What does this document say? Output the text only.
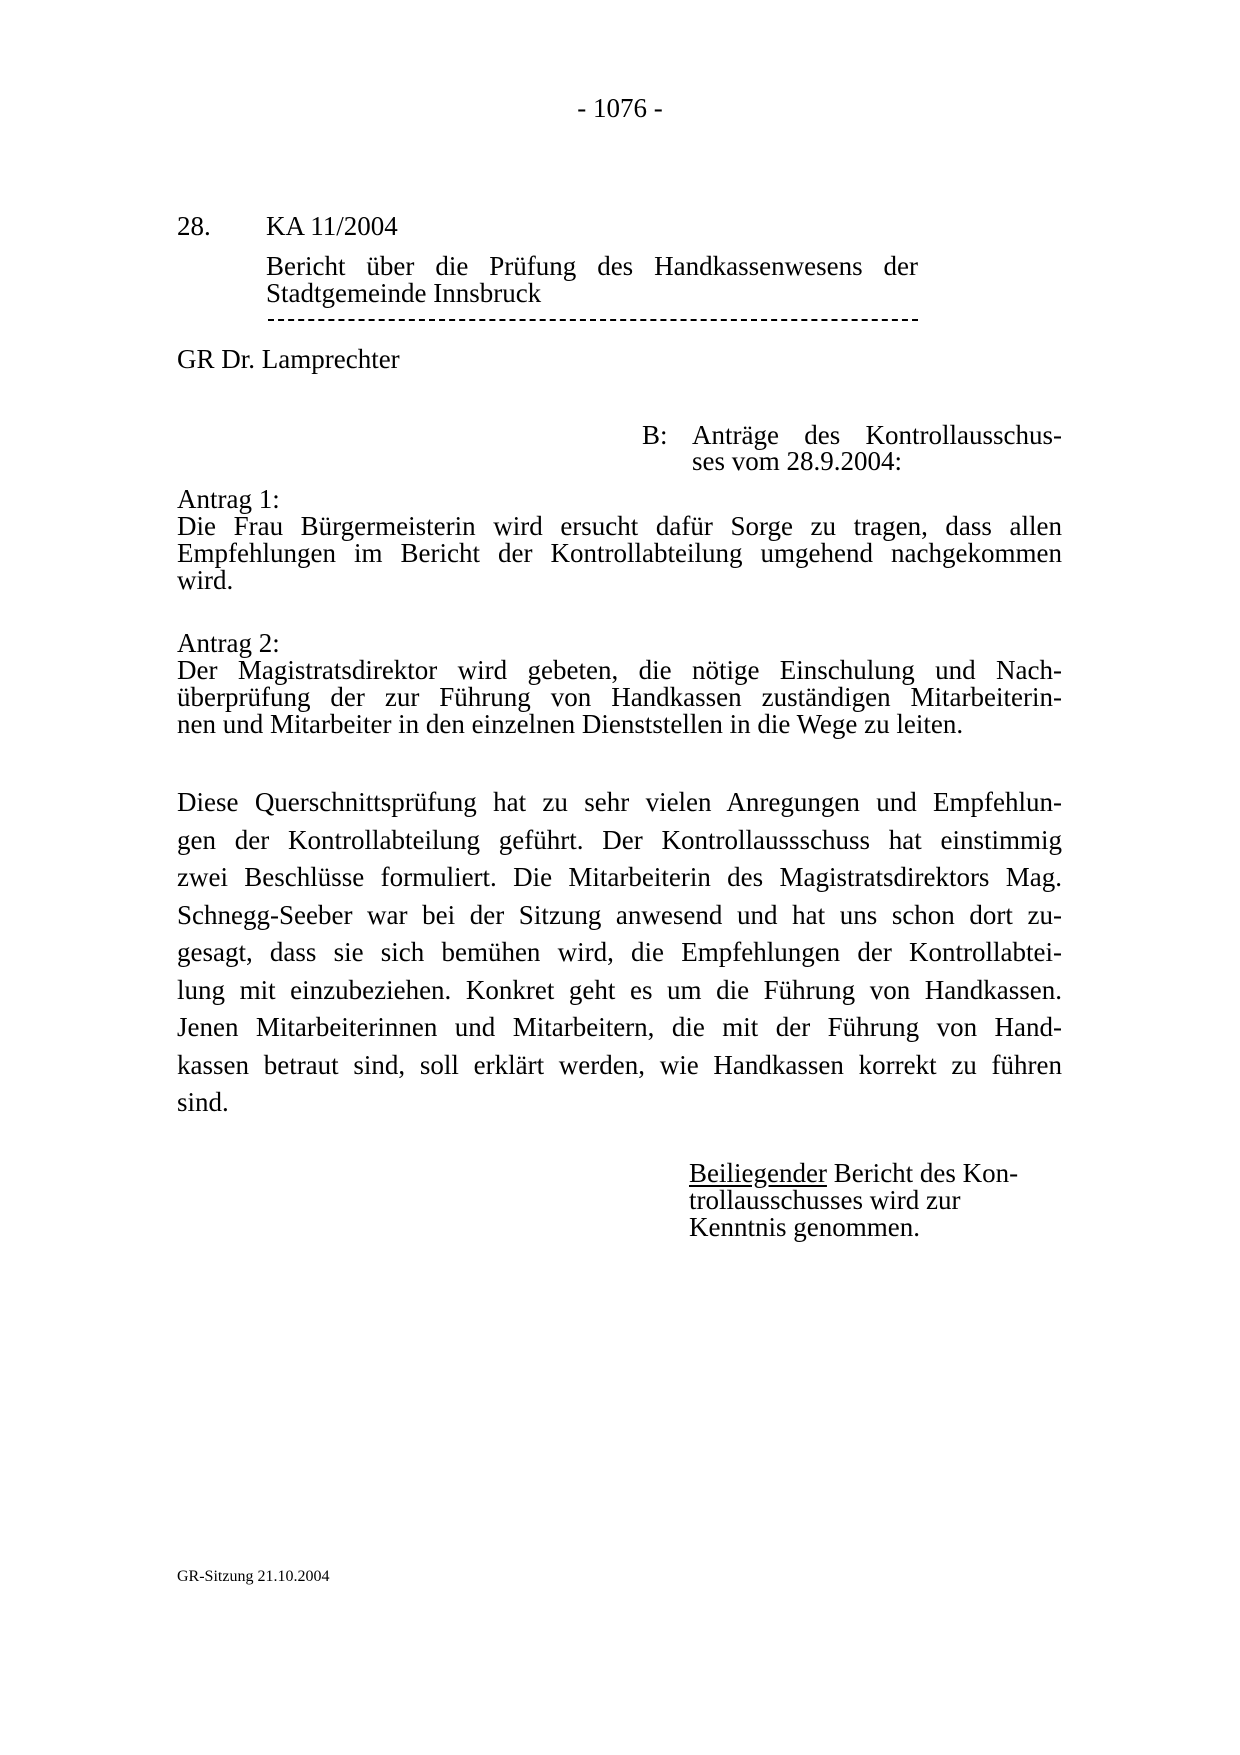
- 1076 -
28. KA 11/2004
Bericht über die Prüfung des Handkassenwesens der
Stadtgemeinde Innsbruck
GR Dr. Lamprechter
B: Anträge des Kontrollausschus-
ses vom 28.9.2004:
Antrag 1:
Die Frau Bürgermeisterin wird ersucht dafür Sorge zu tragen, dass allen
Empfehlungen im Bericht der Kontrollabteilung umgehend nachgekommen
wird.
Antrag 2:
Der Magistratsdirektor wird gebeten, die nötige Einschulung und Nach-
überprüfung der zur Führung von Handkassen zuständigen Mitarbeiterin-
nen und Mitarbeiter in den einzelnen Dienststellen in die Wege zu leiten.
Diese Querschnittsprüfung hat zu sehr vielen Anregungen und Empfehlun-
gen der Kontrollabteilung geführt. Der Kontrollaussschuss hat einstimmig
zwei Beschlüsse formuliert. Die Mitarbeiterin des Magistratsdirektors Mag.
Schnegg-Seeber war bei der Sitzung anwesend und hat uns schon dort zu-
gesagt, dass sie sich bemühen wird, die Empfehlungen der Kontrollabtei-
lung mit einzubeziehen. Konkret geht es um die Führung von Handkassen.
Jenen Mitarbeiterinnen und Mitarbeitern, die mit der Führung von Hand-
kassen betraut sind, soll erklärt werden, wie Handkassen korrekt zu führen
sind.
Beiliegender Bericht des Kon-
trollausschusses wird zur
Kenntnis genommen.
GR-Sitzung 21.10.2004
